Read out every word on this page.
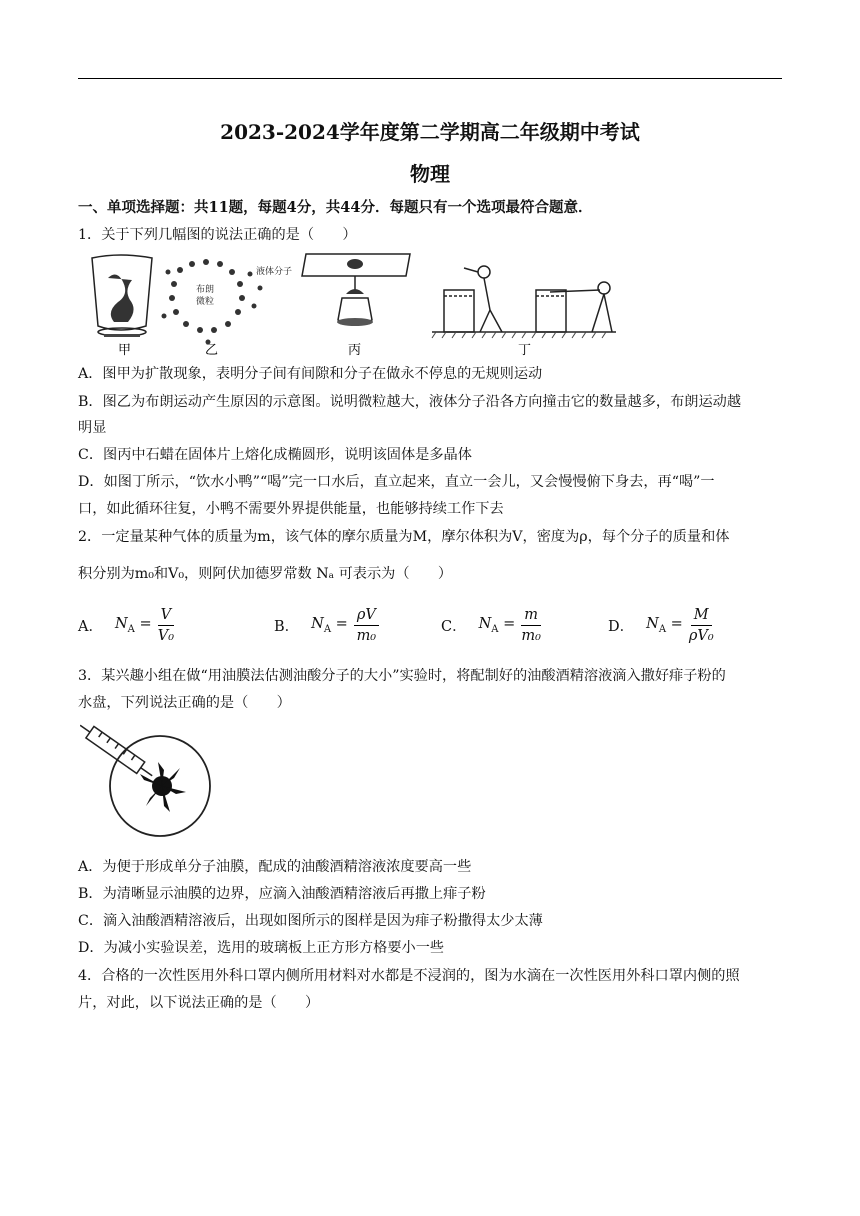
2023-2024学年度第二学期高二年级期中考试
物理
一、单项选择题：共11题，每题4分，共44分．每题只有一个选项最符合题意．
1．关于下列几幅图的说法正确的是（　　）
甲
布朗
微粒
液体分子
乙	丙	丁
A．图甲为扩散现象，表明分子间有间隙和分子在做永不停息的无规则运动
B．图乙为布朗运动产生原因的示意图。说明微粒越大，液体分子沿各方向撞击它的数量越多，布朗运动越
明显
C．图丙中石蜡在固体片上熔化成椭圆形，说明该固体是多晶体
D．如图丁所示，“饮水小鸭”“喝”完一口水后，直立起来，直立一会儿，又会慢慢俯下身去，再“喝”一
口，如此循环往复，小鸭不需要外界提供能量，也能够持续工作下去
2．一定量某种气体的质量为m，该气体的摩尔质量为M，摩尔体积为V，密度为ρ，每个分子的质量和体
积分别为m₀和V₀，则阿伏加德罗常数 Nₐ 可表示为（　　）
A． $N_A = \frac{V}{\text{V₀}}$	B． $N_A = \frac{\rho V}{\text{m₀}}$	C． $N_A = \frac{m}{\text{m₀}}$	D． $N_A = \frac{M}{\text{ρV₀}}$
3．某兴趣小组在做“用油膜法估测油酸分子的大小”实验时，将配制好的油酸酒精溶液滴入撒好痱子粉的
水盘，下列说法正确的是（　　）
A．为便于形成单分子油膜，配成的油酸酒精溶液浓度要高一些
B．为清晰显示油膜的边界，应滴入油酸酒精溶液后再撒上痱子粉
C．滴入油酸酒精溶液后，出现如图所示的图样是因为痱子粉撒得太少太薄
D．为减小实验误差，选用的玻璃板上正方形方格要小一些
4．合格的一次性医用外科口罩内侧所用材料对水都是不浸润的，图为水滴在一次性医用外科口罩内侧的照
片，对此，以下说法正确的是（　　）
